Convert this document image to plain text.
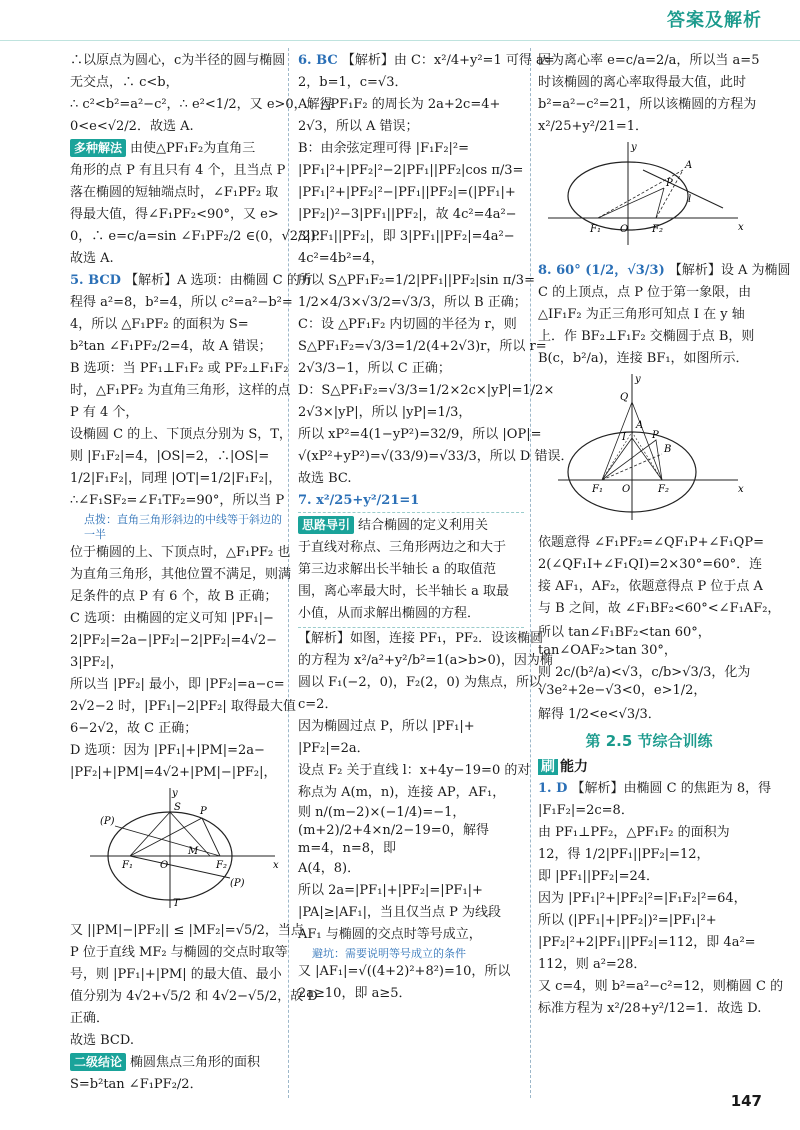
答案及解析
∴以原点为圆心，c为半径的圆与椭圆
无交点，∴ c<b，
∴ c²<b²=a²−c²，∴ e²<1/2，又 e>0，解得
0<e<√2/2．故选 A.
多种解法 由使△PF₁F₂为直角三
角形的点 P 有且只有 4 个，且当点 P
落在椭圆的短轴端点时，∠F₁PF₂ 取
得最大值，得∠F₁PF₂<90°，又 e>
0，∴ e=c/a=sin ∠F₁PF₂/2 ∈(0，√2/2)．
故选 A.
5. BCD 【解析】A 选项：由椭圆 C 的方
程得 a²=8，b²=4，所以 c²=a²−b²=
4，所以 △F₁PF₂ 的面积为 S=
b²tan ∠F₁PF₂/2=4，故 A 错误；
B 选项：当 PF₁⊥F₁F₂ 或 PF₂⊥F₁F₂
时，△F₁PF₂ 为直角三角形，这样的点
P 有 4 个，
设椭圆 C 的上、下顶点分别为 S，T，
则 |F₁F₂|=4，|OS|=2，∴|OS|=
1/2|F₁F₂|，同理 |OT|=1/2|F₁F₂|，
∴∠F₁SF₂=∠F₁TF₂=90°，所以当 P
点拨：直角三角形斜边的中线等于斜边的一半
位于椭圆的上、下顶点时，△F₁PF₂ 也
为直角三角形，其他位置不满足，则满
足条件的点 P 有 6 个，故 B 正确；
C 选项：由椭圆的定义可知 |PF₁|−
2|PF₂|=2a−|PF₂|−2|PF₂|=4√2−
3|PF₂|，
所以当 |PF₂| 最小，即 |PF₂|=a−c=
2√2−2 时，|PF₁|−2|PF₂| 取得最大值
6−2√2，故 C 正确；
D 选项：因为 |PF₁|+|PM|=2a−
|PF₂|+|PM|=4√2+|PM|−|PF₂|，
y
x
S P
(P)
(P)
F₁	O
M
F₂
T
又 ||PM|−|PF₂|| ≤ |MF₂|=√5/2，当点
P 位于直线 MF₂ 与椭圆的交点时取等
号，则 |PF₁|+|PM| 的最大值、最小
值分别为 4√2+√5/2 和 4√2−√5/2，故 D
正确．
故选 BCD.
二级结论 椭圆焦点三角形的面积
S=b²tan ∠F₁PF₂/2．
6. BC 【解析】由 C：x²/4+y²=1 可得 a=
2，b=1，c=√3．
A：△PF₁F₂ 的周长为 2a+2c=4+
2√3，所以 A 错误；
B：由余弦定理可得 |F₁F₂|²=
|PF₁|²+|PF₂|²−2|PF₁||PF₂|cos π/3=
|PF₁|²+|PF₂|²−|PF₁||PF₂|=(|PF₁|+
|PF₂|)²−3|PF₁||PF₂|，故 4c²=4a²−
3|PF₁||PF₂|，即 3|PF₁||PF₂|=4a²−
4c²=4b²=4，
所以 S△PF₁F₂=1/2|PF₁||PF₂|sin π/3=
1/2×4/3×√3/2=√3/3，所以 B 正确；
C：设 △PF₁F₂ 内切圆的半径为 r，则
S△PF₁F₂=√3/3=1/2(4+2√3)r，所以 r=
2√3/3−1，所以 C 正确；
D：S△PF₁F₂=√3/3=1/2×2c×|yP|=1/2×
2√3×|yP|，所以 |yP|=1/3，
所以 xP²=4(1−yP²)=32/9，所以 |OP|=
√(xP²+yP²)=√(33/9)=√33/3，所以 D 错误．
故选 BC.
7. x²/25+y²/21=1
思路导引 结合椭圆的定义利用关
于直线对称点、三角形两边之和大于
第三边求解出长半轴长 a 的取值范
围，离心率最大时，长半轴长 a 取最
小值，从而求解出椭圆的方程．
【解析】如图，连接 PF₁，PF₂．设该椭圆
的方程为 x²/a²+y²/b²=1(a>b>0)，因为椭
圆以 F₁(−2，0)，F₂(2，0) 为焦点，所以
c=2．
因为椭圆过点 P，所以 |PF₁|+
|PF₂|=2a．
设点 F₂ 关于直线 l：x+4y−19=0 的对
称点为 A(m，n)，连接 AP，AF₁，
则 n/(m−2)×(−1/4)=−1，(m+2)/2+4×n/2−19=0，解得 m=4，n=8，即
A(4，8)．
所以 2a=|PF₁|+|PF₂|=|PF₁|+
|PA|≥|AF₁|，当且仅当点 P 为线段
AF₁ 与椭圆的交点时等号成立，
避坑：需要说明等号成立的条件
又 |AF₁|=√((4+2)²+8²)=10，所以
2a≥10，即 a≥5．
因为离心率 e=c/a=2/a，所以当 a=5
时该椭圆的离心率取得最大值，此时
b²=a²−c²=21，所以该椭圆的方程为
x²/25+y²/21=1．
y
x
A
P
l
F₁ O F₂
8. 60° (1/2，√3/3) 【解析】设 A 为椭圆
C 的上顶点，点 P 位于第一象限，由
△IF₁F₂ 为正三角形可知点 I 在 y 轴
上．作 BF₂⊥F₁F₂ 交椭圆于点 B，则
B(c，b²/a)，连接 BF₁，如图所示．
y
x
Q
A
I	P
B
F₁ O	F₂
依题意得 ∠F₁PF₂=∠QF₁P+∠F₁QP=
2(∠QF₁I+∠F₁QI)=2×30°=60°．连
接 AF₁，AF₂，依题意得点 P 位于点 A
与 B 之间，故 ∠F₁BF₂<60°<∠F₁AF₂，
所以 tan∠F₁BF₂<tan 60°，tan∠OAF₂>tan 30°，
则 2c/(b²/a)<√3，c/b>√3/3，化为 √3e²+2e−√3<0，e>1/2，
解得 1/2<e<√3/3．
第 2.5 节综合训练
刷 能力
1. D 【解析】由椭圆 C 的焦距为 8，得
|F₁F₂|=2c=8．
由 PF₁⊥PF₂，△PF₁F₂ 的面积为
12，得 1/2|PF₁||PF₂|=12，
即 |PF₁||PF₂|=24．
因为 |PF₁|²+|PF₂|²=|F₁F₂|²=64，
所以 (|PF₁|+|PF₂|)²=|PF₁|²+
|PF₂|²+2|PF₁||PF₂|=112，即 4a²=
112，则 a²=28．
又 c=4，则 b²=a²−c²=12，则椭圆 C 的
标准方程为 x²/28+y²/12=1．故选 D.
147
